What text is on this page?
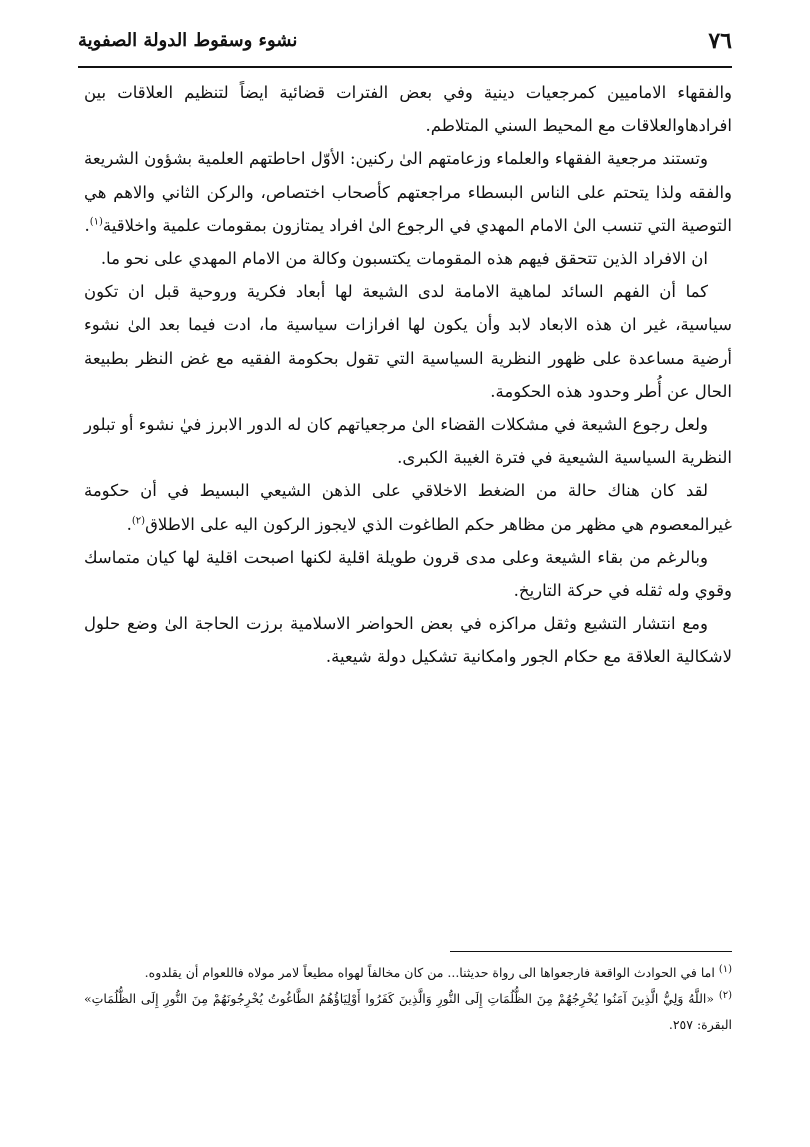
٧٦
نشوء وسقوط الدولة الصفوية

والفقهاء الاماميين كمرجعيات دينية وفي بعض الفترات قضائية ايضاً لتنظيم العلاقات بين افرادهاوالعلاقات مع المحيط السني المتلاطم.

وتستند مرجعية الفقهاء والعلماء وزعامتهم الىٰ ركنين: الأوّل احاطتهم العلمية بشؤون الشريعة والفقه ولذا يتحتم على الناس البسطاء مراجعتهم كأصحاب اختصاص، والركن الثاني والاهم هي التوصية التي تنسب الىٰ الامام المهدي في الرجوع الىٰ افراد يمتازون بمقومات علمية واخلاقية$^{(١)}$.

ان الافراد الذين تتحقق فيهم هذه المقومات يكتسبون وكالة من الامام المهدي على نحو ما.

كما أن الفهم السائد لماهية الامامة لدى الشيعة لها أبعاد فكرية وروحية قبل ان تكون سياسية، غير ان هذه الابعاد لابد وأن يكون لها افرازات سياسية ما، ادت فيما بعد الىٰ نشوء أرضية مساعدة على ظهور النظرية السياسية التي تقول بحكومة الفقيه مع غض النظر بطبيعة الحال عن أُطر وحدود هذه الحكومة.

ولعل رجوع الشيعة في مشكلات القضاء الىٰ مرجعياتهم كان له الدور الابرز فيٰ نشوء أو تبلور النظرية السياسية الشيعية في فترة الغيبة الكبرى.

لقد كان هناك حالة من الضغط الاخلاقي على الذهن الشيعي البسيط في أن حكومة غيرالمعصوم هي مظهر من مظاهر حكم الطاغوت الذي لايجوز الركون اليه على الاطلاق$^{(٢)}$.

وبالرغم من بقاء الشيعة وعلى مدى قرون طويلة اقلية لكنها اصبحت اقلية لها كيان متماسك وقوي وله ثقله في حركة التاريخ.

ومع انتشار التشيع وثقل مراكزه في بعض الحواضر الاسلامية برزت الحاجة الىٰ وضع حلول لاشكالية العلاقة مع حكام الجور وامكانية تشكيل دولة شيعية.

$^{(١)}$ اما في الحوادث الواقعة فارجعوا‌ها الى رواة حديثنا... من كان مخالفاً لهواه مطيعاً لامر مولاه فاللعوام أن يقلدوه.

$^{(٢)}$ «اللَّهُ وَلِيُّ الَّذِينَ آمَنُوا يُخْرِجُهُمْ مِنَ الظُّلُمَاتِ إِلَى النُّورِ وَالَّذِينَ كَفَرُوا أَوْلِيَاؤُهُمُ الطَّاغُوتُ يُخْرِجُونَهُمْ مِنَ النُّورِ إِلَى الظُّلُمَاتِ» البقرة: ٢٥٧.
